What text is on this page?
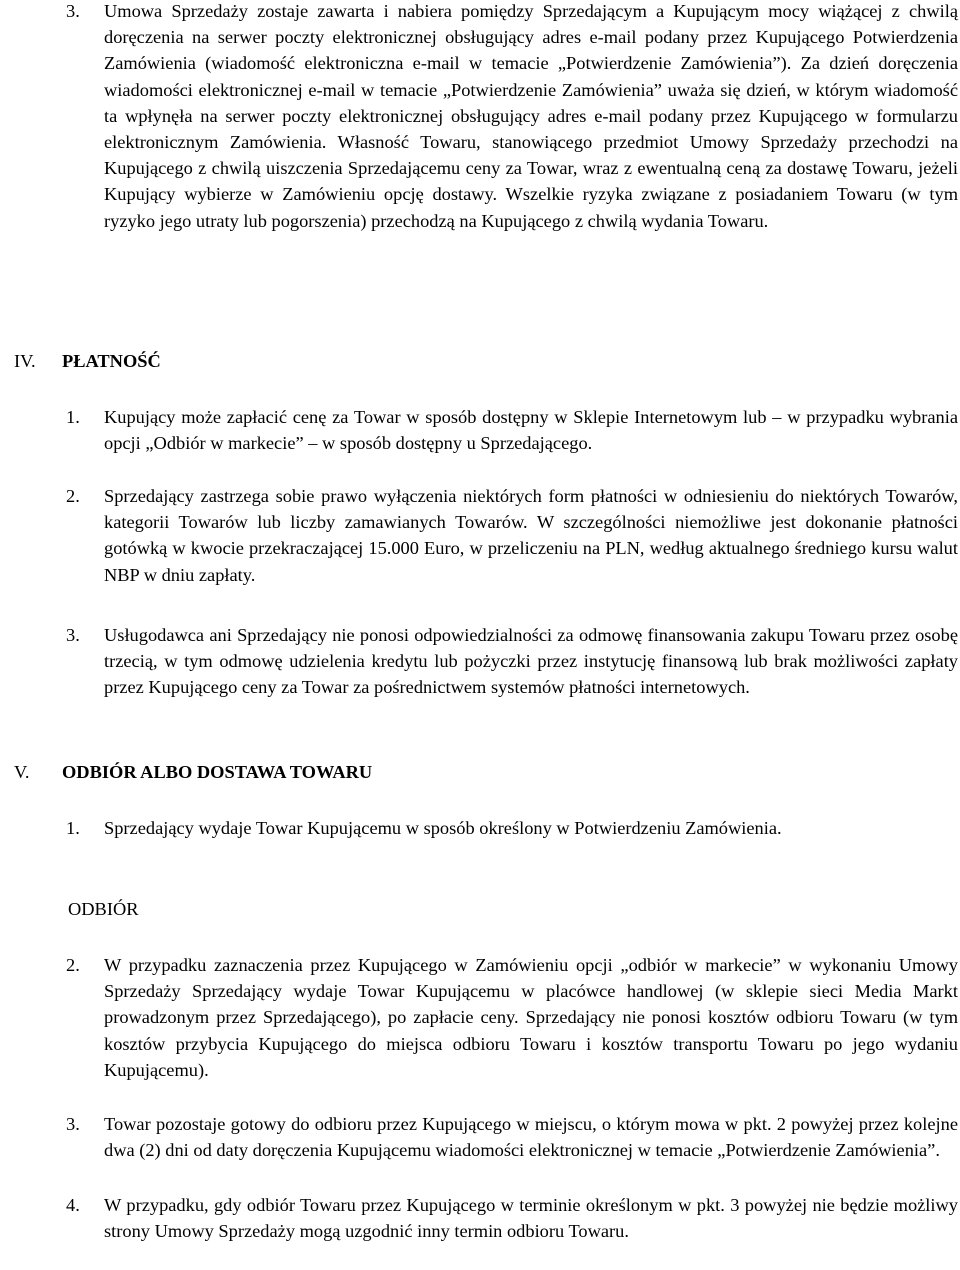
3. Umowa Sprzedaży zostaje zawarta i nabiera pomiędzy Sprzedającym a Kupującym mocy wiążącej z chwilą doręczenia na serwer poczty elektronicznej obsługujący adres e-mail podany przez Kupującego Potwierdzenia Zamówienia (wiadomość elektroniczna e-mail w temacie „Potwierdzenie Zamówienia”). Za dzień doręczenia wiadomości elektronicznej e-mail w temacie „Potwierdzenie Zamówienia” uważa się dzień, w którym wiadomość ta wpłynęła na serwer poczty elektronicznej obsługujący adres e-mail podany przez Kupującego w formularzu elektronicznym Zamówienia. Własność Towaru, stanowiącego przedmiot Umowy Sprzedaży przechodzi na Kupującego z chwilą uiszczenia Sprzedającemu ceny za Towar, wraz z ewentualną ceną za dostawę Towaru, jeżeli Kupujący wybierze w Zamówieniu opcję dostawy. Wszelkie ryzyka związane z posiadaniem Towaru (w tym ryzyko jego utraty lub pogorszenia) przechodzą na Kupującego z chwilą wydania Towaru.
IV. PŁATNOŚĆ
1. Kupujący może zapłacić cenę za Towar w sposób dostępny w Sklepie Internetowym lub – w przypadku wybrania opcji „Odbiór w markecie” – w sposób dostępny u Sprzedającego.
2. Sprzedający zastrzega sobie prawo wyłączenia niektórych form płatności w odniesieniu do niektórych Towarów, kategorii Towarów lub liczby zamawianych Towarów. W szczególności niemożliwe jest dokonanie płatności gotówką w kwocie przekraczającej 15.000 Euro, w przeliczeniu na PLN, według aktualnego średniego kursu walut NBP w dniu zapłaty.
3. Usługodawca ani Sprzedający nie ponosi odpowiedzialności za odmowę finansowania zakupu Towaru przez osobę trzecią, w tym odmowę udzielenia kredytu lub pożyczki przez instytucję finansową lub brak możliwości zapłaty przez Kupującego ceny za Towar za pośrednictwem systemów płatności internetowych.
V. ODBIÓR ALBO DOSTAWA TOWARU
1. Sprzedający wydaje Towar Kupującemu w sposób określony w Potwierdzeniu Zamówienia.

ODBIÓR

2. W przypadku zaznaczenia przez Kupującego w Zamówieniu opcji „odbiór w markecie” w wykonaniu Umowy Sprzedaży Sprzedający wydaje Towar Kupującemu w placówce handlowej (w sklepie sieci Media Markt prowadzonym przez Sprzedającego), po zapłacie ceny. Sprzedający nie ponosi kosztów odbioru Towaru (w tym kosztów przybycia Kupującego do miejsca odbioru Towaru i kosztów transportu Towaru po jego wydaniu Kupującemu).
3. Towar pozostaje gotowy do odbioru przez Kupującego w miejscu, o którym mowa w pkt. 2 powyżej przez kolejne dwa (2) dni od daty doręczenia Kupującemu wiadomości elektronicznej w temacie „Potwierdzenie Zamówienia”.
4. W przypadku, gdy odbiór Towaru przez Kupującego w terminie określonym w pkt. 3 powyżej nie będzie możliwy strony Umowy Sprzedaży mogą uzgodnić inny termin odbioru Towaru.
